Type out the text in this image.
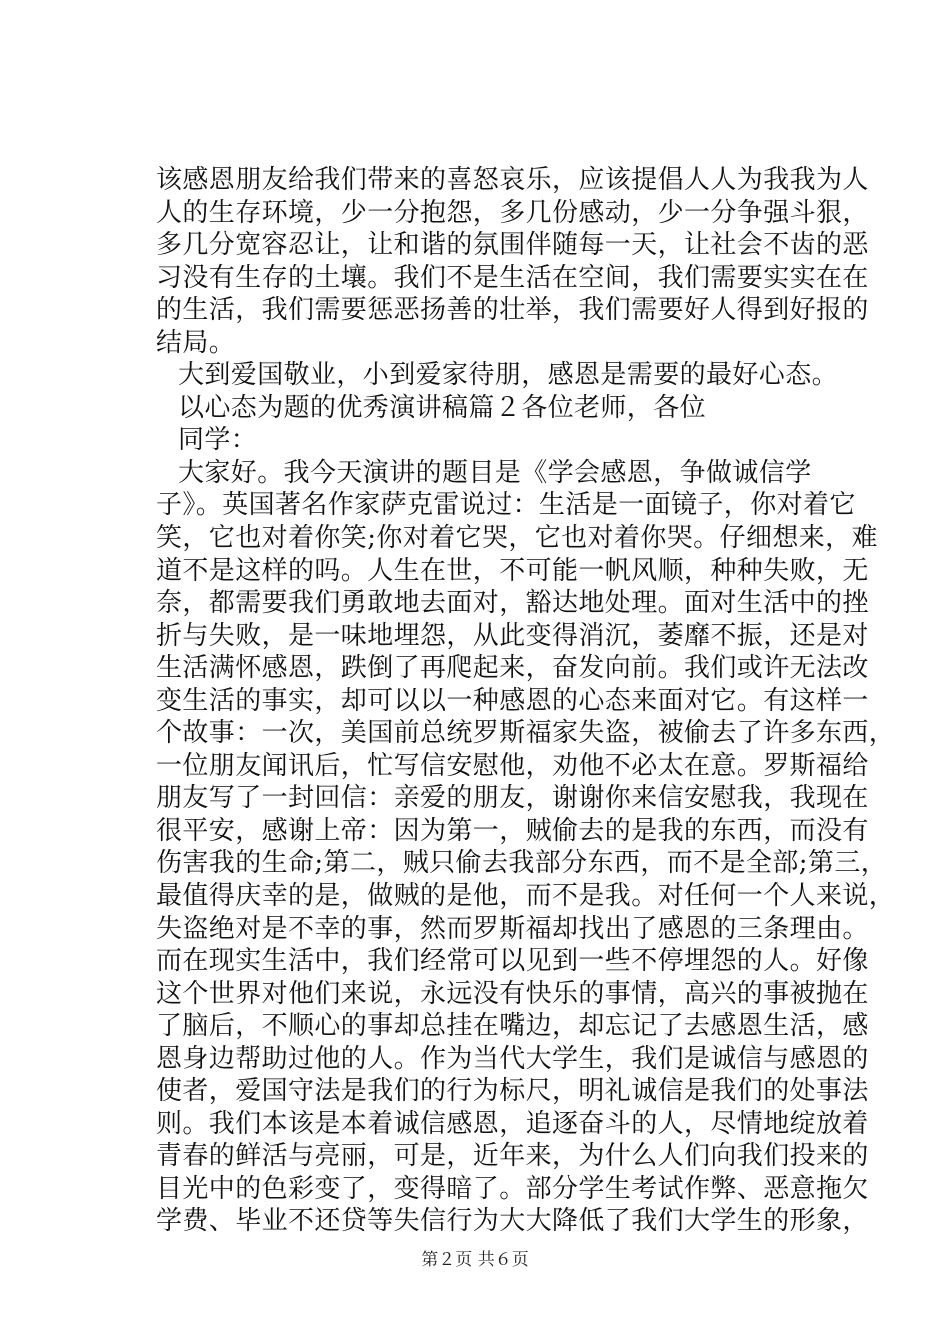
该感恩朋友给我们带来的喜怒哀乐，应该提倡人人为我我为人
人的生存环境，少一分抱怨，多几份感动，少一分争强斗狠，
多几分宽容忍让，让和谐的氛围伴随每一天，让社会不齿的恶
习没有生存的土壤。我们不是生活在空间，我们需要实实在在
的生活，我们需要惩恶扬善的壮举，我们需要好人得到好报的
结局。
大到爱国敬业，小到爱家待朋，感恩是需要的最好心态。
以心态为题的优秀演讲稿篇２各位老师，各位
同学：
大家好。我今天演讲的题目是《学会感恩，争做诚信学
子》。英国著名作家萨克雷说过：生活是一面镜子，你对着它
笑，它也对着你笑;你对着它哭，它也对着你哭。仔细想来，难
道不是这样的吗。人生在世，不可能一帆风顺，种种失败，无
奈，都需要我们勇敢地去面对，豁达地处理。面对生活中的挫
折与失败，是一味地埋怨，从此变得消沉，萎靡不振，还是对
生活满怀感恩，跌倒了再爬起来，奋发向前。我们或许无法改
变生活的事实，却可以以一种感恩的心态来面对它。有这样一
个故事：一次，美国前总统罗斯福家失盗，被偷去了许多东西，
一位朋友闻讯后，忙写信安慰他，劝他不必太在意。罗斯福给
朋友写了一封回信：亲爱的朋友，谢谢你来信安慰我，我现在
很平安，感谢上帝：因为第一，贼偷去的是我的东西，而没有
伤害我的生命;第二，贼只偷去我部分东西，而不是全部;第三，
最值得庆幸的是，做贼的是他，而不是我。对任何一个人来说，
失盗绝对是不幸的事，然而罗斯福却找出了感恩的三条理由。
而在现实生活中，我们经常可以见到一些不停埋怨的人。好像
这个世界对他们来说，永远没有快乐的事情，高兴的事被抛在
了脑后，不顺心的事却总挂在嘴边，却忘记了去感恩生活，感
恩身边帮助过他的人。作为当代大学生，我们是诚信与感恩的
使者，爱国守法是我们的行为标尺，明礼诚信是我们的处事法
则。我们本该是本着诚信感恩，追逐奋斗的人，尽情地绽放着
青春的鲜活与亮丽，可是，近年来，为什么人们向我们投来的
第２页 共６页
目光中的色彩变了，变得暗了。部分学生考试作弊、恶意拖欠
学费、毕业不还贷等失信行为大大降低了我们大学生的形象，
